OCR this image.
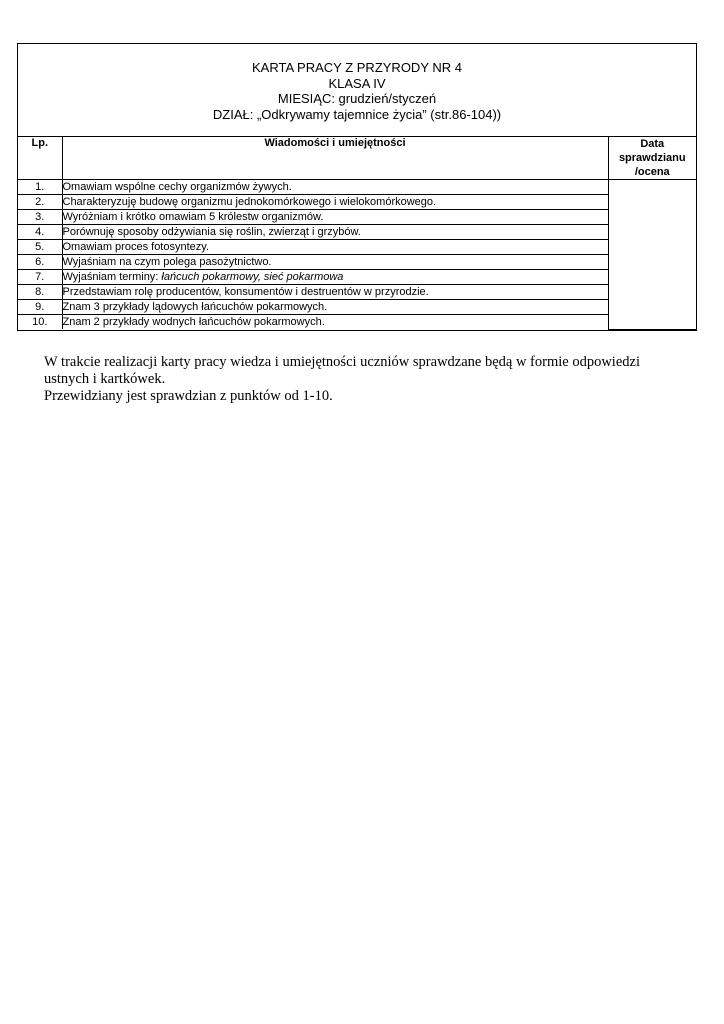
KARTA PRACY Z PRZYRODY NR 4
KLASA IV
MIESIĄC: grudzień/styczeń
DZIAŁ: „Odkrywamy tajemnice życia” (str.86-104))
Lp.	Wiadomości i umiejętności	Data
sprawdzianu
/ocena

1.	Omawiam wspólne cechy organizmów żywych.	
2.	Charakteryzuję budowę organizmu jednokomórkowego i wielokomórkowego.	
3.	Wyróżniam i krótko omawiam 5 królestw organizmów.	
4.	Porównuję sposoby odżywiania się roślin, zwierząt i grzybów.	
5.	Omawiam proces fotosyntezy.	
6.	Wyjaśniam na czym polega pasożytnictwo.	
7.	Wyjaśniam terminy: łańcuch pokarmowy, sieć pokarmowa	
8.	Przedstawiam rolę producentów, konsumentów i destruentów w przyrodzie.	
9.	Znam 3 przykłady lądowych łańcuchów pokarmowych.	
10.	Znam 2 przykłady wodnych łańcuchów pokarmowych.	

W trakcie realizacji karty pracy wiedza i umiejętności uczniów sprawdzane będą w formie odpowiedzi ustnych i kartkówek.

Przewidziany jest sprawdzian z punktów od 1-10.
